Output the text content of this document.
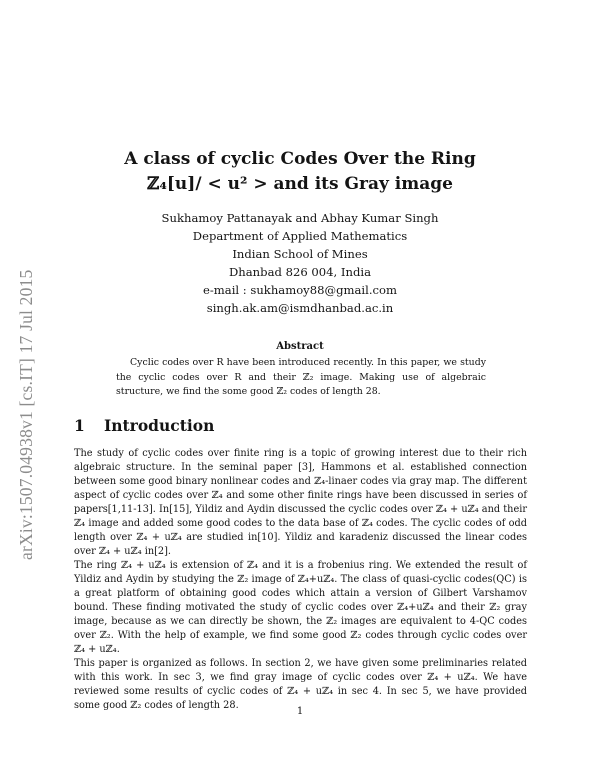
arXiv:1507.04938v1 [cs.IT] 17 Jul 2015
A class of cyclic Codes Over the Ring
ℤ₄[u]/ < u² > and its Gray image
Sukhamoy Pattanayak and Abhay Kumar Singh
Department of Applied Mathematics
Indian School of Mines
Dhanbad 826 004, India
e-mail : sukhamoy88@gmail.com
singh.ak.am@ismdhanbad.ac.in
Abstract
Cyclic codes over R have been introduced recently. In this paper, we study the cyclic codes over R and their ℤ₂ image. Making use of algebraic structure, we find the some good ℤ₂ codes of length 28.
1 Introduction

The study of cyclic codes over finite ring is a topic of growing interest due to their rich algebraic structure. In the seminal paper [3], Hammons et al. established connection between some good binary nonlinear codes and ℤ₄-linaer codes via gray map. The different aspect of cyclic codes over ℤ₄ and some other finite rings have been discussed in series of papers[1,11-13]. In[15], Yildiz and Aydin discussed the cyclic codes over ℤ₄ + uℤ₄ and their ℤ₄ image and added some good codes to the data base of ℤ₄ codes. The cyclic codes of odd length over ℤ₄ + uℤ₄ are studied in[10]. Yildiz and karadeniz discussed the linear codes over ℤ₄ + uℤ₄ in[2].

The ring ℤ₄ + uℤ₄ is extension of ℤ₄ and it is a frobenius ring. We extended the result of Yildiz and Aydin by studying the ℤ₂ image of ℤ₄+uℤ₄. The class of quasi-cyclic codes(QC) is a great platform of obtaining good codes which attain a version of Gilbert Varshamov bound. These finding motivated the study of cyclic codes over ℤ₄+uℤ₄ and their ℤ₂ gray image, because as we can directly be shown, the ℤ₂ images are equivalent to 4-QC codes over ℤ₂. With the help of example, we find some good ℤ₂ codes through cyclic codes over ℤ₄ + uℤ₄.

This paper is organized as follows. In section 2, we have given some preliminaries related with this work. In sec 3, we find gray image of cyclic codes over ℤ₄ + uℤ₄. We have reviewed some results of cyclic codes of ℤ₄ + uℤ₄ in sec 4. In sec 5, we have provided some good ℤ₂ codes of length 28.

1
